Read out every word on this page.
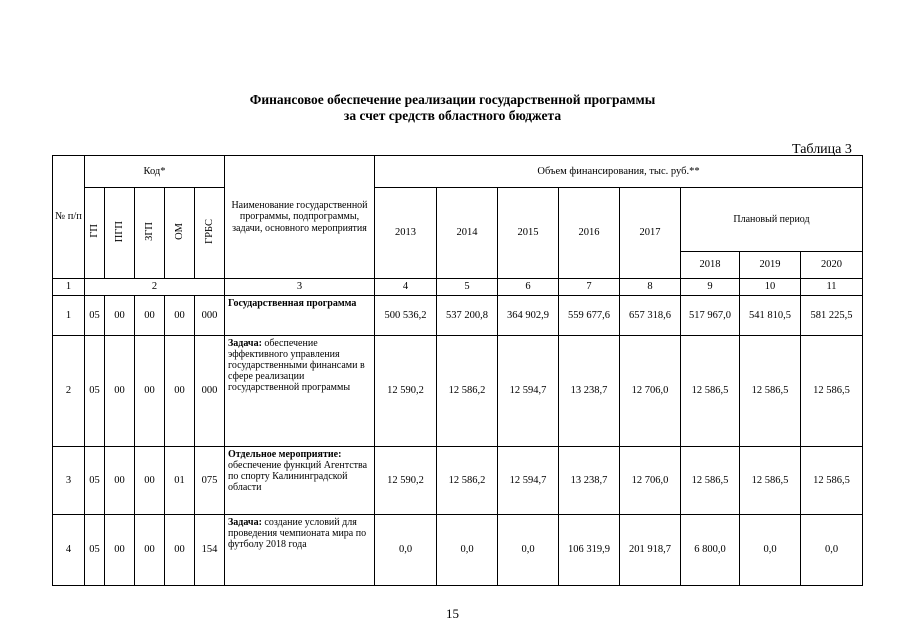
Финансовое обеспечение реализации государственной программы
за счет средств областного бюджета
Таблица 3
№ п/п	Код*					Наименование государственной программы, подпрограммы, задачи, основного мероприятия	Объем финансирования, тыс. руб.**							
	ГП	ПГП	ЗГП	ОМ	ГРБС		2013	2014	2015	2016	2017	Плановый период		
												2018	2019	2020
1	2					3	4	5	6	7	8	9	10	11
1	05	00	00	00	000	Государственная программа	500 536,2	537 200,8	364 902,9	559 677,6	657 318,6	517 967,0	541 810,5	581 225,5
2	05	00	00	00	000	Задача: обеспечение эффективного управления государственными финансами в сфере реализации государственной программы	12 590,2	12 586,2	12 594,7	13 238,7	12 706,0	12 586,5	12 586,5	12 586,5
3	05	00	00	01	075	Отдельное мероприятие: обеспечение функций Агентства по спорту Калининградской области	12 590,2	12 586,2	12 594,7	13 238,7	12 706,0	12 586,5	12 586,5	12 586,5
4	05	00	00	00	154	Задача: создание условий для проведения чемпионата мира по футболу 2018 года	0,0	0,0	0,0	106 319,9	201 918,7	6 800,0	0,0	0,0
15
